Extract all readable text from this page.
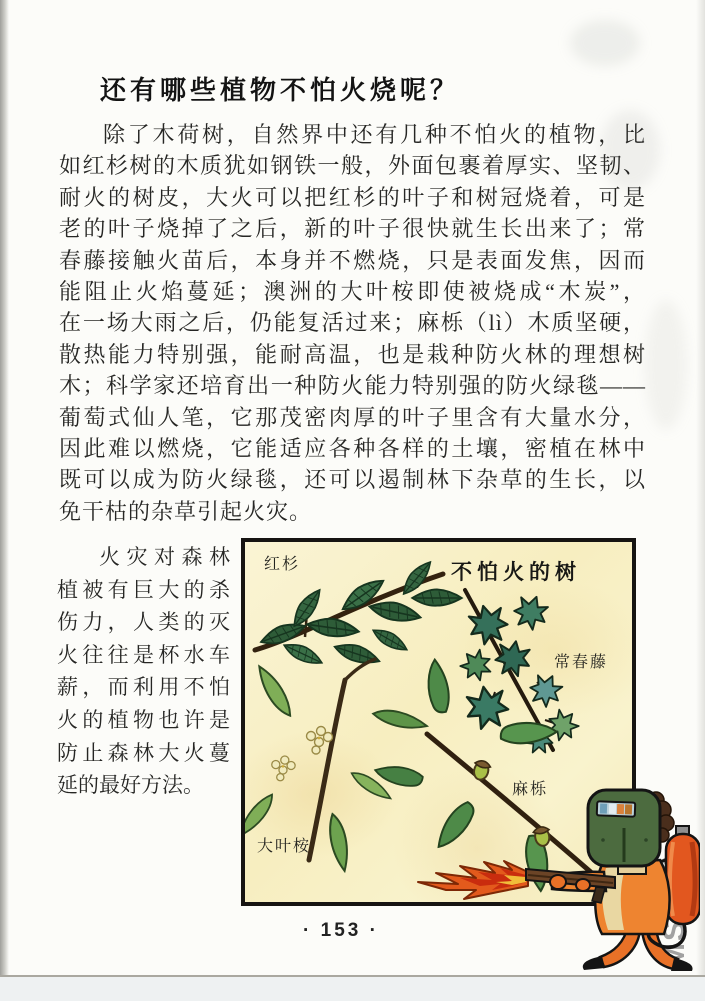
还有哪些植物不怕火烧呢？
除了木荷树，自然界中还有几种不怕火的植物，比
如红杉树的木质犹如钢铁一般，外面包裹着厚实、坚韧、
耐火的树皮，大火可以把红杉的叶子和树冠烧着，可是
老的叶子烧掉了之后，新的叶子很快就生长出来了；常
春藤接触火苗后，本身并不燃烧，只是表面发焦，因而
能阻止火焰蔓延；澳洲的大叶桉即使被烧成“木炭”，
在一场大雨之后，仍能复活过来；麻栎（lì）木质坚硬，
散热能力特别强，能耐高温，也是栽种防火林的理想树
木；科学家还培育出一种防火能力特别强的防火绿毯——
葡萄式仙人笔，它那茂密肉厚的叶子里含有大量水分，
因此难以燃烧，它能适应各种各样的土壤，密植在林中
既可以成为防火绿毯，还可以遏制林下杂草的生长，以
免干枯的杂草引起火灾。
火灾对森林
植被有巨大的杀
伤力，人类的灭
火往往是杯水车
薪，而利用不怕
火的植物也许是
防止森林大火蔓
延的最好方法。
不怕火的树
红杉
常春藤
麻栎
大叶桉
· 153 ·
